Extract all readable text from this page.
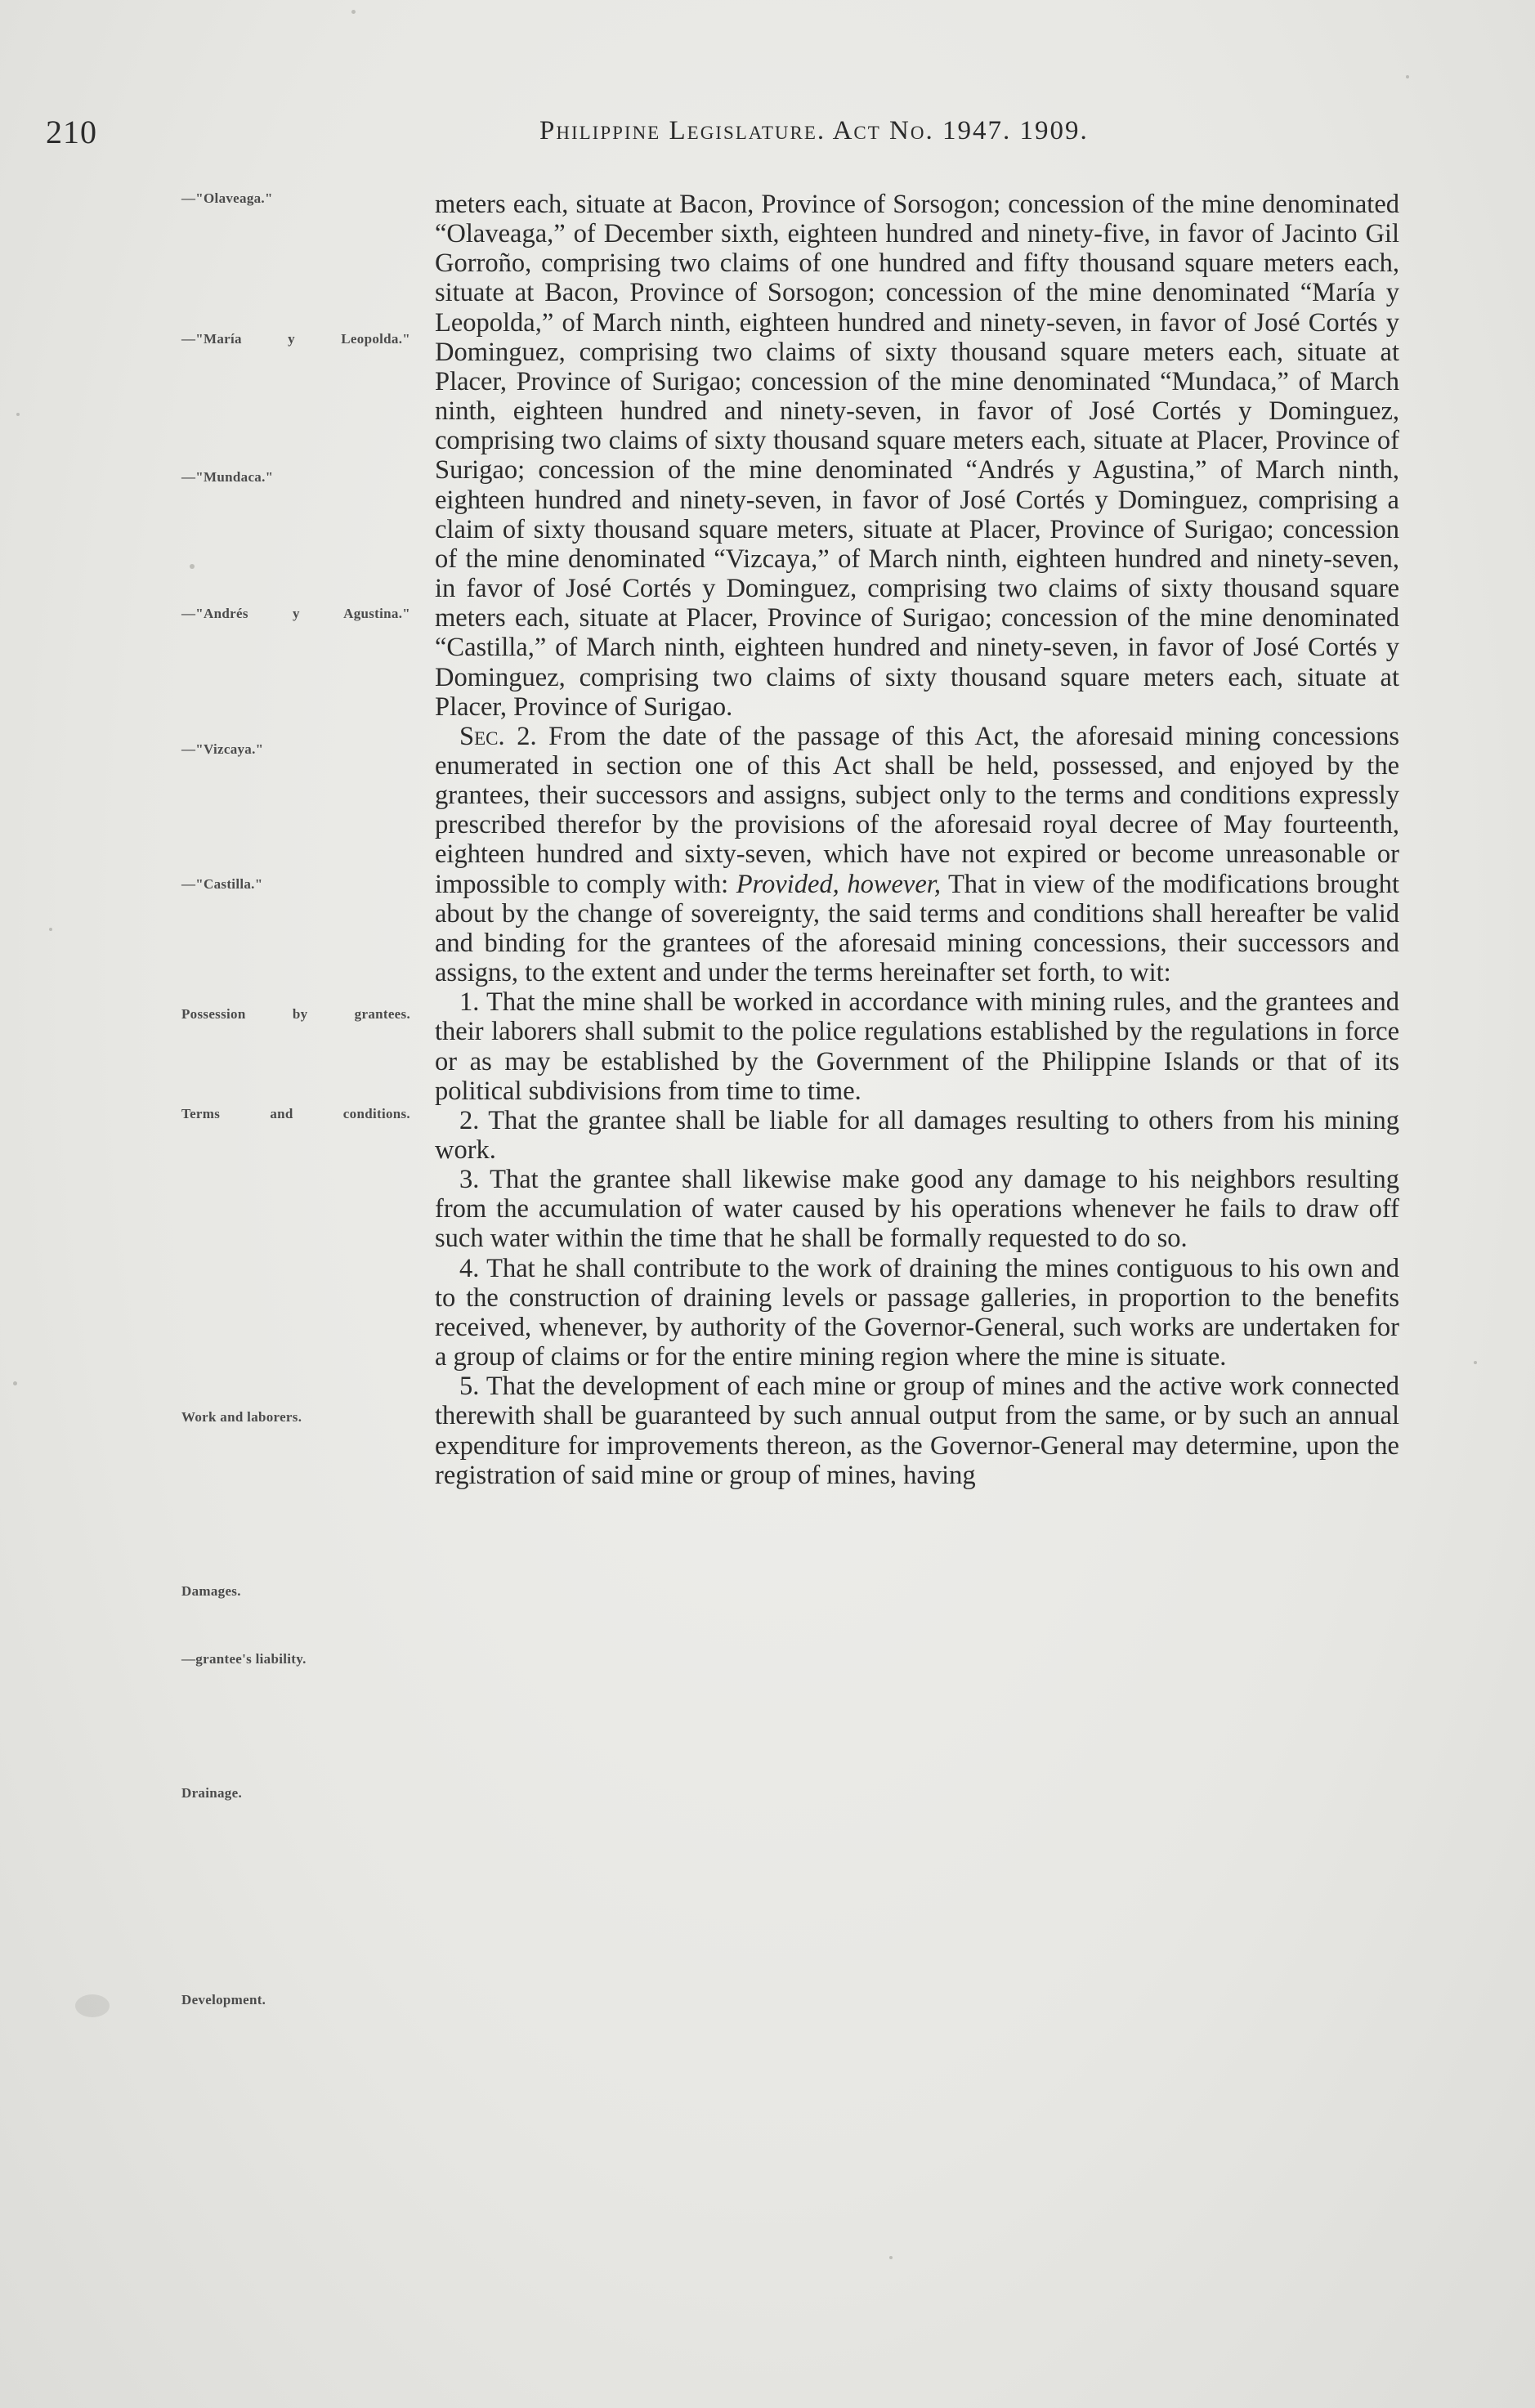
210	Philippine Legislature. Act No. 1947. 1909.
—"Olaveaga."
—"María y Leopolda."
—"Mundaca."
—"Andrés y Agustina."
—"Vizcaya."
—"Castilla."
Possession by grantees.
Terms and conditions.
Work and laborers.
Damages.
—grantee's liability.
Drainage.
Development.

meters each, situate at Bacon, Province of Sorsogon; concession of the mine denominated “Olaveaga,” of December sixth, eighteen hundred and ninety-five, in favor of Jacinto Gil Gorroño, comprising two claims of one hundred and fifty thousand square meters each, situate at Bacon, Province of Sorsogon; concession of the mine denominated “María y Leopolda,” of March ninth, eighteen hundred and ninety-seven, in favor of José Cortés y Dominguez, comprising two claims of sixty thousand square meters each, situate at Placer, Province of Surigao; concession of the mine denominated “Mundaca,” of March ninth, eighteen hundred and ninety-seven, in favor of José Cortés y Dominguez, comprising two claims of sixty thousand square meters each, situate at Placer, Province of Surigao; concession of the mine denominated “Andrés y Agustina,” of March ninth, eighteen hundred and ninety-seven, in favor of José Cortés y Dominguez, comprising a claim of sixty thousand square meters, situate at Placer, Province of Surigao; concession of the mine denominated “Vizcaya,” of March ninth, eighteen hundred and ninety-seven, in favor of José Cortés y Dominguez, comprising two claims of sixty thousand square meters each, situate at Placer, Province of Surigao; concession of the mine denominated “Castilla,” of March ninth, eighteen hundred and ninety-seven, in favor of José Cortés y Dominguez, comprising two claims of sixty thousand square meters each, situate at Placer, Province of Surigao.

Sec. 2. From the date of the passage of this Act, the aforesaid mining concessions enumerated in section one of this Act shall be held, possessed, and enjoyed by the grantees, their successors and assigns, subject only to the terms and conditions expressly prescribed therefor by the provisions of the aforesaid royal decree of May fourteenth, eighteen hundred and sixty-seven, which have not expired or become unreasonable or impossible to comply with: Provided, however, That in view of the modifications brought about by the change of sovereignty, the said terms and conditions shall hereafter be valid and binding for the grantees of the aforesaid mining concessions, their successors and assigns, to the extent and under the terms hereinafter set forth, to wit:

1. That the mine shall be worked in accordance with mining rules, and the grantees and their laborers shall submit to the police regulations established by the regulations in force or as may be established by the Government of the Philippine Islands or that of its political subdivisions from time to time.

2. That the grantee shall be liable for all damages resulting to others from his mining work.

3. That the grantee shall likewise make good any damage to his neighbors resulting from the accumulation of water caused by his operations whenever he fails to draw off such water within the time that he shall be formally requested to do so.

4. That he shall contribute to the work of draining the mines contiguous to his own and to the construction of draining levels or passage galleries, in proportion to the benefits received, whenever, by authority of the Governor-General, such works are undertaken for a group of claims or for the entire mining region where the mine is situate.

5. That the development of each mine or group of mines and the active work connected therewith shall be guaranteed by such annual output from the same, or by such an annual expenditure for improvements thereon, as the Governor-General may determine, upon the registration of said mine or group of mines, having
